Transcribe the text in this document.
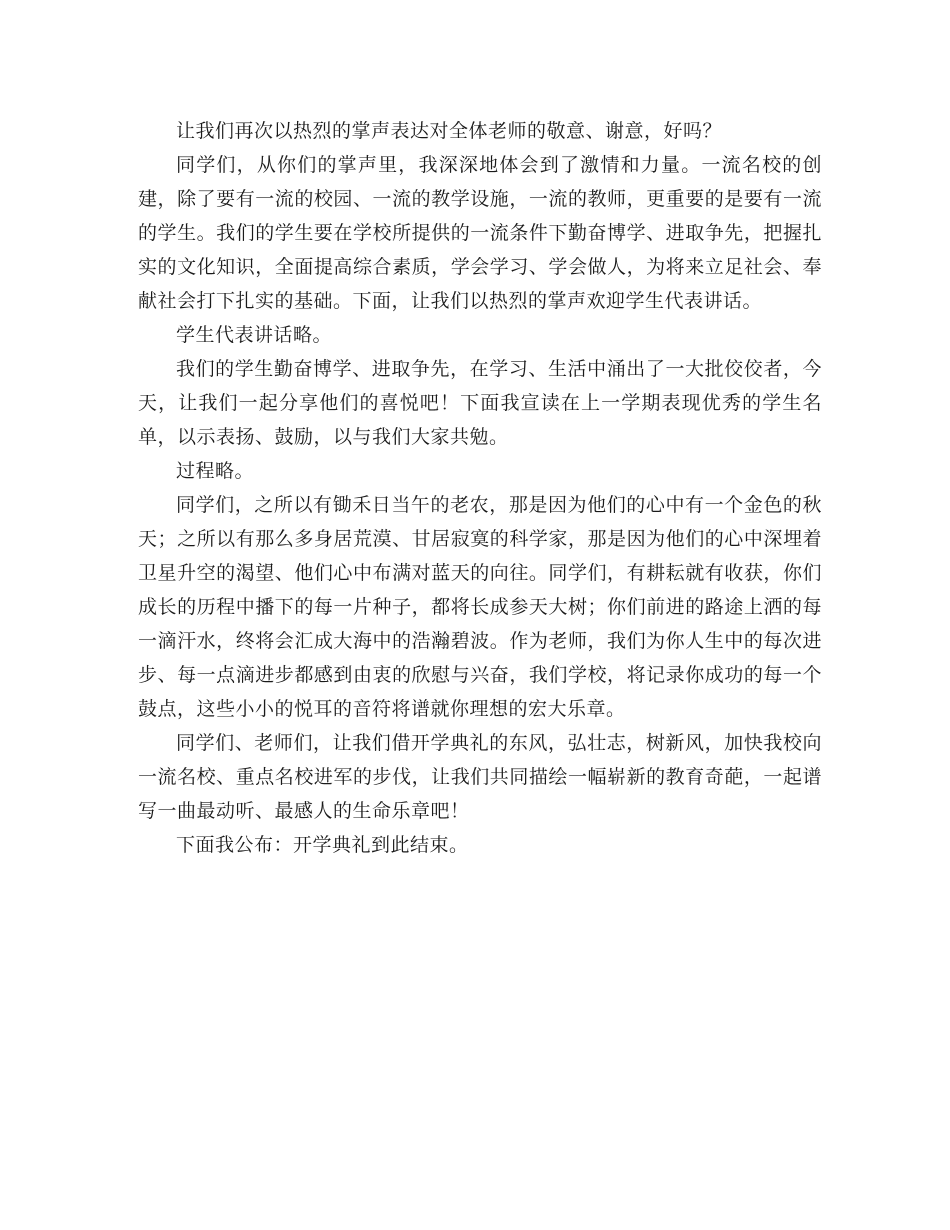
让我们再次以热烈的掌声表达对全体老师的敬意、谢意，好吗？

同学们，从你们的掌声里，我深深地体会到了激情和力量。一流名校的创建，除了要有一流的校园、一流的教学设施，一流的教师，更重要的是要有一流的学生。我们的学生要在学校所提供的一流条件下勤奋博学、进取争先，把握扎实的文化知识，全面提高综合素质，学会学习、学会做人，为将来立足社会、奉献社会打下扎实的基础。下面，让我们以热烈的掌声欢迎学生代表讲话。

学生代表讲话略。

我们的学生勤奋博学、进取争先，在学习、生活中涌出了一大批佼佼者，今天，让我们一起分享他们的喜悦吧！下面我宣读在上一学期表现优秀的学生名单，以示表扬、鼓励，以与我们大家共勉。

过程略。

同学们，之所以有锄禾日当午的老农，那是因为他们的心中有一个金色的秋天；之所以有那么多身居荒漠、甘居寂寞的科学家，那是因为他们的心中深埋着卫星升空的渴望、他们心中布满对蓝天的向往。同学们，有耕耘就有收获，你们成长的历程中播下的每一片种子，都将长成参天大树；你们前进的路途上洒的每一滴汗水，终将会汇成大海中的浩瀚碧波。作为老师，我们为你人生中的每次进步、每一点滴进步都感到由衷的欣慰与兴奋，我们学校，将记录你成功的每一个鼓点，这些小小的悦耳的音符将谱就你理想的宏大乐章。

同学们、老师们，让我们借开学典礼的东风，弘壮志，树新风，加快我校向一流名校、重点名校进军的步伐，让我们共同描绘一幅崭新的教育奇葩，一起谱写一曲最动听、最感人的生命乐章吧！

下面我公布：开学典礼到此结束。
